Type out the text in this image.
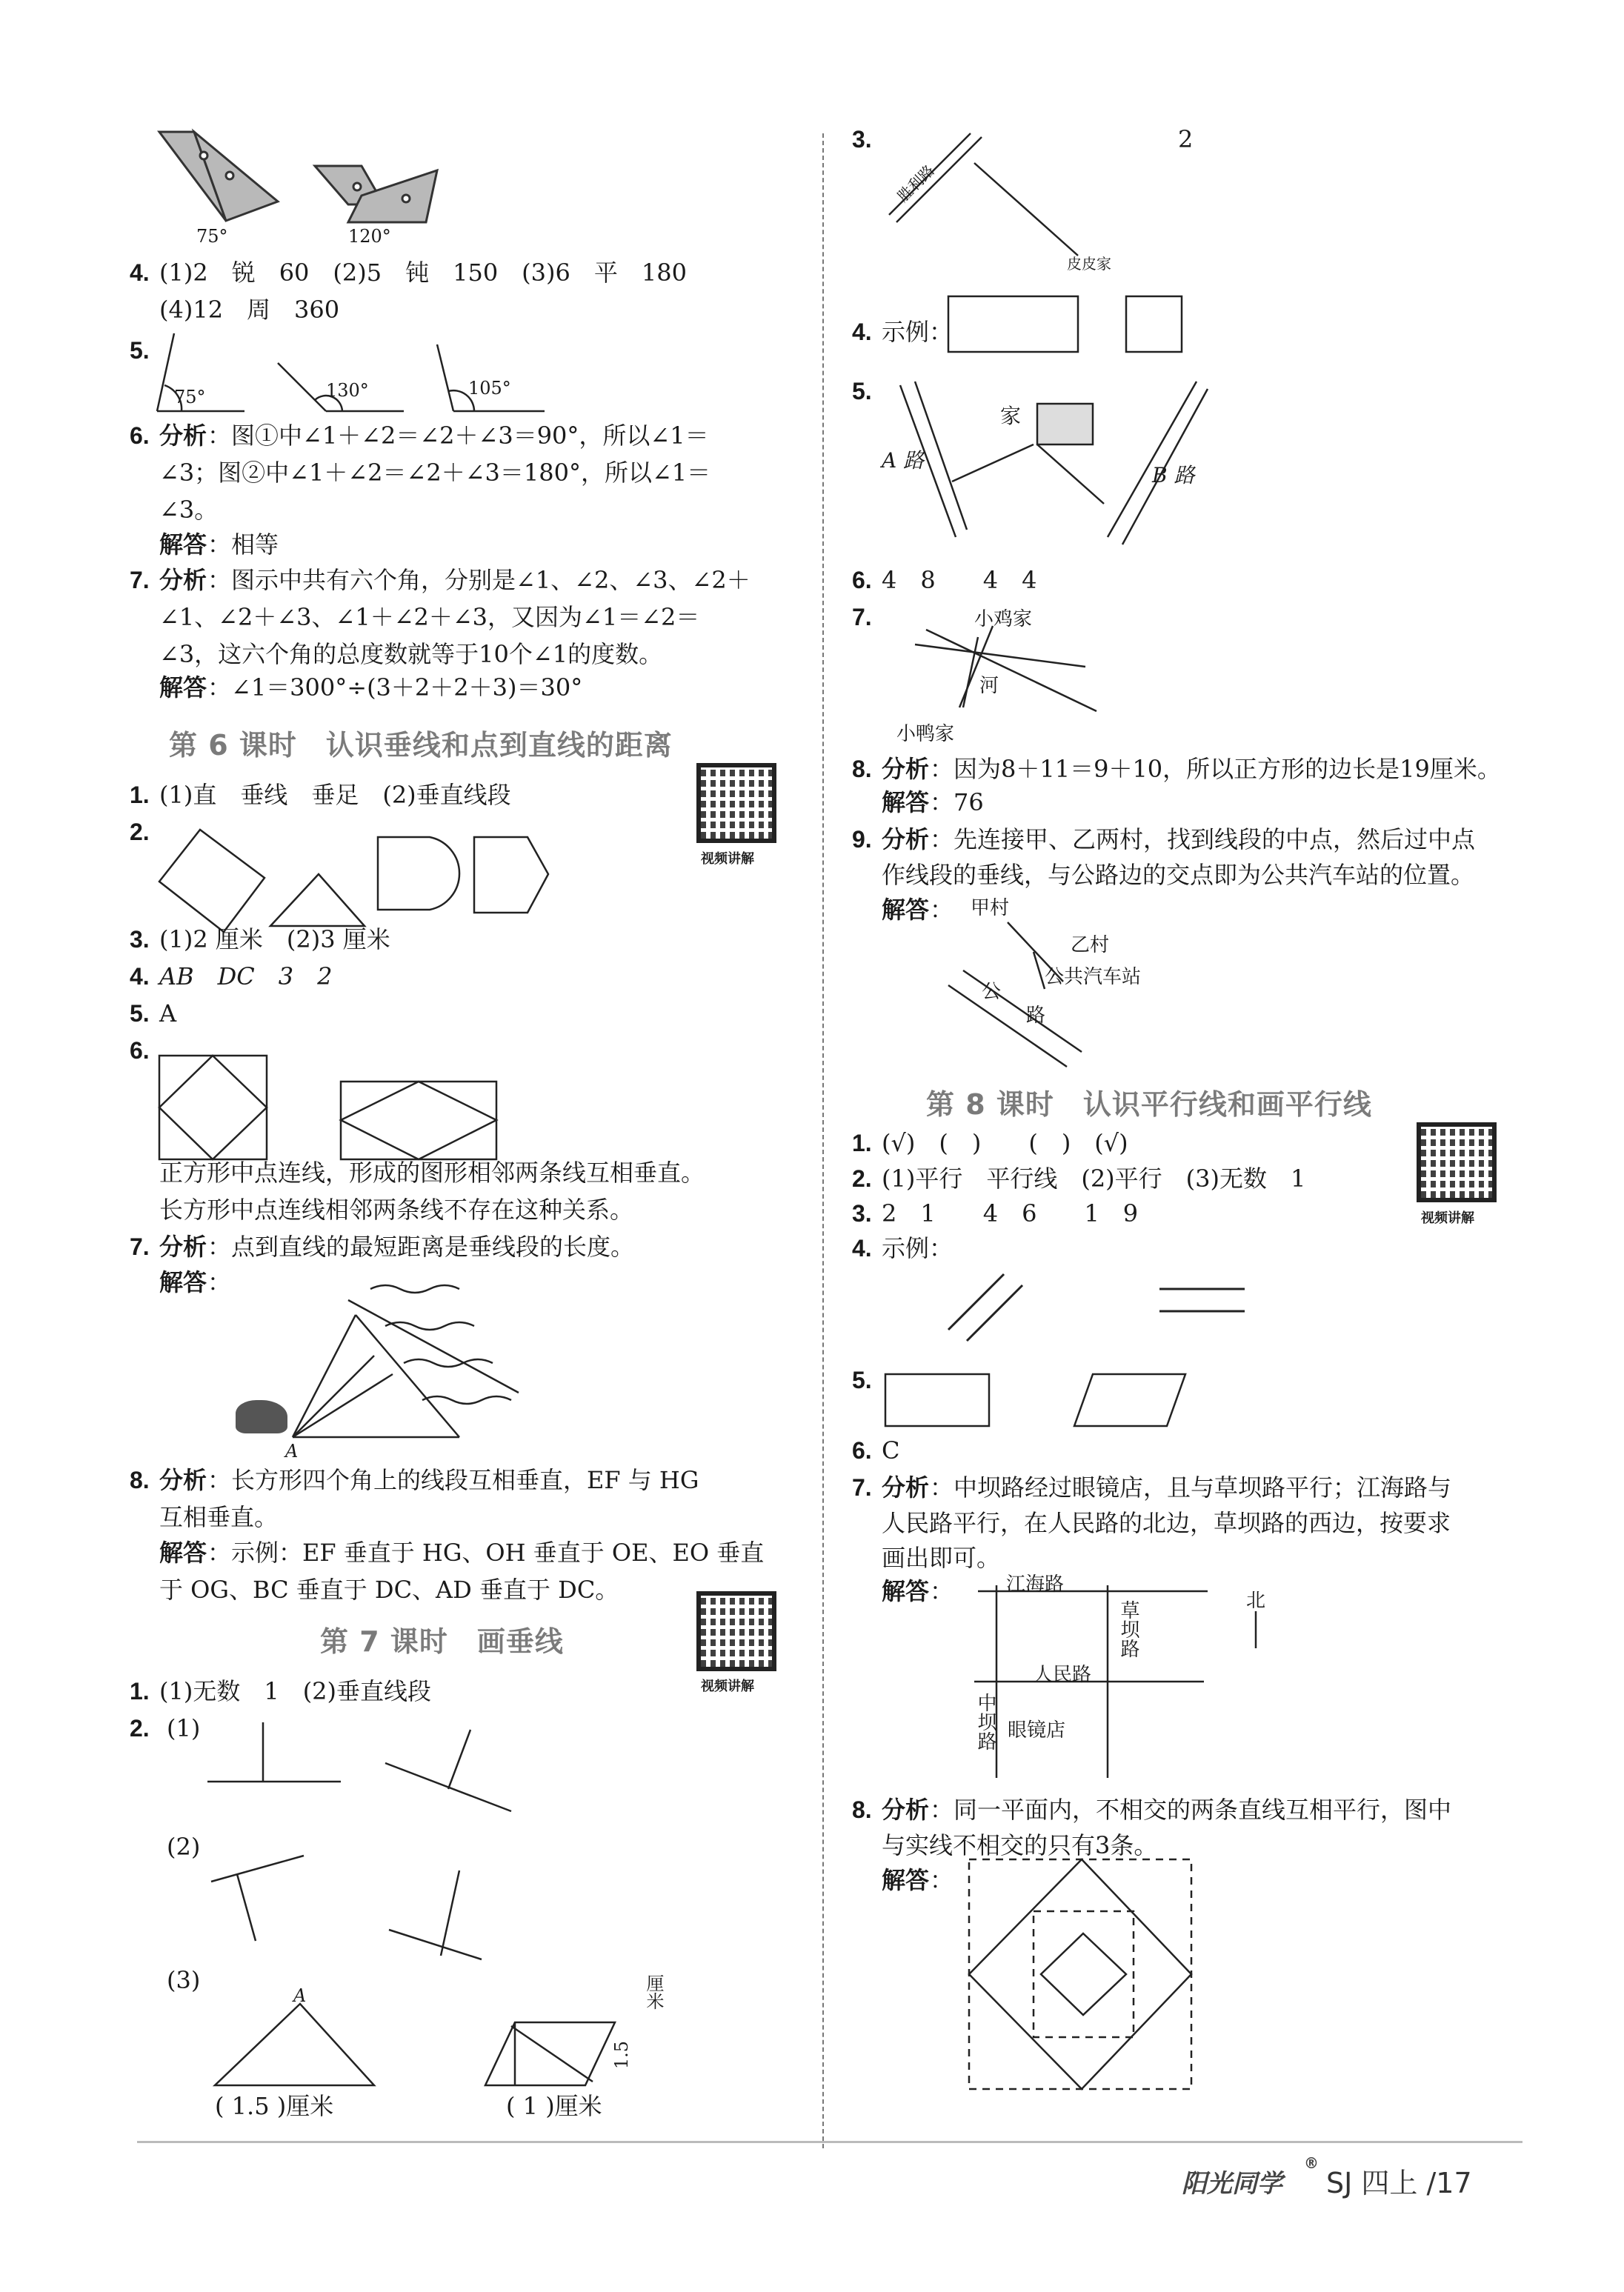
75°	120°
4. (1)2　锐　60　(2)5　钝　150　(3)6　平　180
(4)12　周　360
5.
75°	130°	105°
6. 分析 ：图①中∠1＋∠2＝∠2＋∠3＝90°，所以∠1＝
∠3；图②中∠1＋∠2＝∠2＋∠3＝180°，所以∠1＝
∠3。
解答 ：相等
7. 分析 ：图示中共有六个角，分别是∠1、∠2、∠3、∠2＋
∠1、∠2＋∠3、∠1＋∠2＋∠3，又因为∠1＝∠2＝
∠3，这六个角的总度数就等于10个∠1的度数。
解答 ：∠1＝300°÷(3＋2＋2＋3)＝30°
第 6 课时　认识垂线和点到直线的距离
视频讲解
1. (1)直　垂线　垂足　(2)垂直线段
2.
3. (1)2 厘米　(2)3 厘米
4. AB　DC　3　2
5. A
6.
正方形中点连线，形成的图形相邻两条线互相垂直。
长方形中点连线相邻两条线不存在这种关系。
7. 分析 ：点到直线的最短距离是垂线段的长度。
解答 ：
A
8. 分析 ：长方形四个角上的线段互相垂直，EF 与 HG
互相垂直。
解答 ：示例：EF 垂直于 HG、OH 垂直于 OE、EO 垂直
于 OG、BC 垂直于 DC、AD 垂直于 DC。
第 7 课时　画垂线
视频讲解
1. (1)无数　1　(2)垂直线段
2. (1)
(2)
(3)
A
( 1.5 )厘米	( 1 )厘米
1.5
厘米
3.	2
胜利路
皮皮家
4. 示例：
5.
家
A 路
B 路
6. 4　8　　4　4
7.	小鸡家
河
小鸭家
8. 分析 ：因为8＋11＝9＋10，所以正方形的边长是19厘米。
解答 ：76
9. 分析 ：先连接甲、乙两村，找到线段的中点，然后过中点
作线段的垂线，与公路边的交点即为公共汽车站的位置。
解答 ： 甲村
乙村
公共汽车站
公
路
第 8 课时　认识平行线和画平行线
视频讲解
1. (√)　(　)　　(　)　(√)
2. (1)平行　平行线　(2)平行　(3)无数　1
3. 2　1　　4　6　　1　9
4. 示例：
5.
6. C
7. 分析 ：中坝路经过眼镜店，且与草坝路平行；江海路与
人民路平行，在人民路的北边，草坝路的西边，按要求
画出即可。
解答 ：	江海路
草坝路
人民路
中坝路 眼镜店
北
8. 分析 ：同一平面内，不相交的两条直线互相平行，图中
与实线不相交的只有3条。
解答 ：
阳光同学
®
SJ 四上 /17
